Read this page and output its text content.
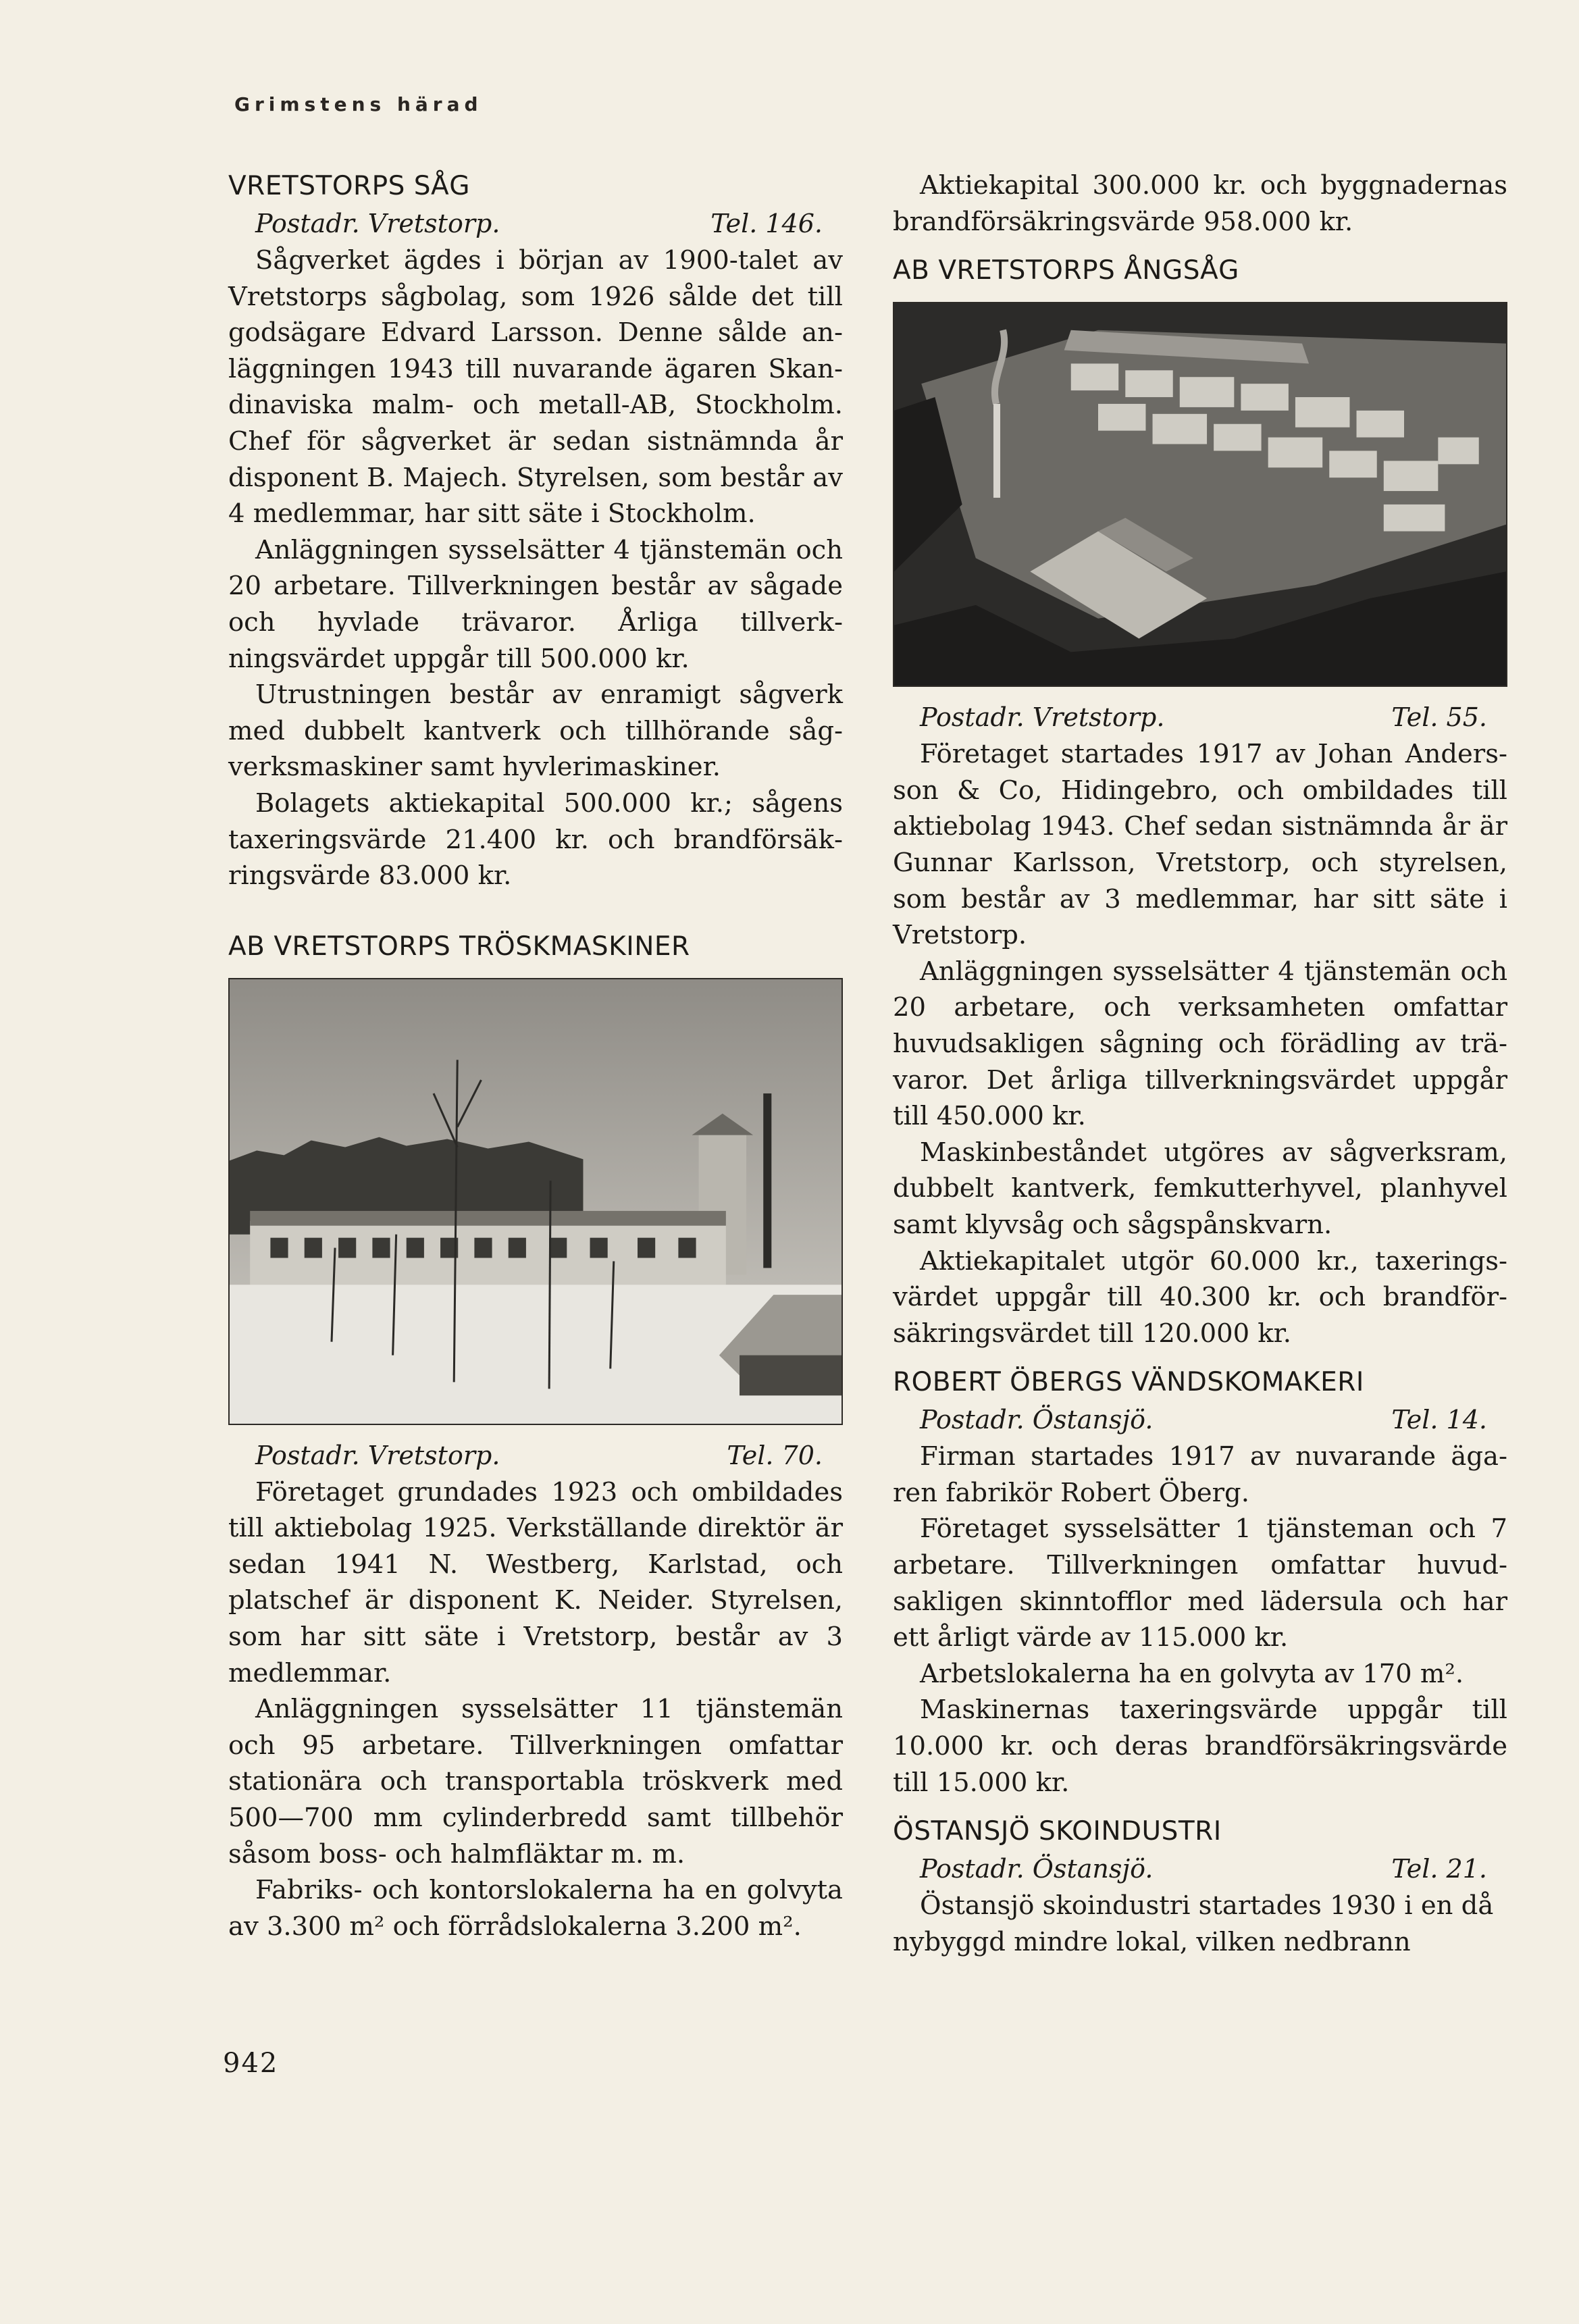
Grimstens härad
VRETSTORPS SÅG
Postadr. Vretstorp.	Tel. 146.

Sågverket ägdes i början av 1900-talet av Vretstorps sågbolag, som 1926 sålde det till godsägare Edvard Larsson. Denne sålde anläggningen 1943 till nuvarande ägaren Skandinaviska malm- och metall-AB, Stockholm. Chef för sågverket är sedan sistnämnda år disponent B. Majech. Styrelsen, som består av 4 medlemmar, har sitt säte i Stockholm.

Anläggningen sysselsätter 4 tjänstemän och 20 arbetare. Tillverkningen består av sågade och hyvlade trävaror. Årliga tillverkningsvärdet uppgår till 500.000 kr.

Utrustningen består av enramigt sågverk med dubbelt kantverk och tillhörande sågverksmaskiner samt hyvlerimaskiner.

Bolagets aktiekapital 500.000 kr.; sågens taxeringsvärde 21.400 kr. och brandförsäkringsvärde 83.000 kr.

AB VRETSTORPS TRÖSKMASKINER
Postadr. Vretstorp.	Tel. 70.

Företaget grundades 1923 och ombildades till aktiebolag 1925. Verkställande direktör är sedan 1941 N. Westberg, Karlstad, och platschef är disponent K. Neider. Styrelsen, som har sitt säte i Vretstorp, består av 3 medlemmar.

Anläggningen sysselsätter 11 tjänstemän och 95 arbetare. Tillverkningen omfattar stationära och transportabla tröskverk med 500—700 mm cylinderbredd samt tillbehör såsom boss- och halmfläktar m. m.

Fabriks- och kontorslokalerna ha en golvyta av 3.300 m² och förrådslokalerna 3.200 m².

Aktiekapital 300.000 kr. och byggnadernas brandförsäkringsvärde 958.000 kr.

AB VRETSTORPS ÅNGSÅG
Postadr. Vretstorp.	Tel. 55.

Företaget startades 1917 av Johan Andersson & Co, Hidingebro, och ombildades till aktiebolag 1943. Chef sedan sistnämnda år är Gunnar Karlsson, Vretstorp, och styrelsen, som består av 3 medlemmar, har sitt säte i Vretstorp.

Anläggningen sysselsätter 4 tjänstemän och 20 arbetare, och verksamheten omfattar huvudsakligen sågning och förädling av trävaror. Det årliga tillverkningsvärdet uppgår till 450.000 kr.

Maskinbeståndet utgöres av sågverksram, dubbelt kantverk, femkutterhyvel, planhyvel samt klyvsåg och sågspånskvarn.

Aktiekapitalet utgör 60.000 kr., taxeringsvärdet uppgår till 40.300 kr. och brandförsäkringsvärdet till 120.000 kr.

ROBERT ÖBERGS VÄNDSKOMAKERI
Postadr. Östansjö.	Tel. 14.

Firman startades 1917 av nuvarande ägaren fabrikör Robert Öberg.

Företaget sysselsätter 1 tjänsteman och 7 arbetare. Tillverkningen omfattar huvudsakligen skinntofflor med lädersula och har ett årligt värde av 115.000 kr.

Arbetslokalerna ha en golvyta av 170 m².

Maskinernas taxeringsvärde uppgår till 10.000 kr. och deras brandförsäkringsvärde till 15.000 kr.

ÖSTANSJÖ SKOINDUSTRI
Postadr. Östansjö.	Tel. 21.

Östansjö skoindustri startades 1930 i en då nybyggd mindre lokal, vilken nedbrann

942
